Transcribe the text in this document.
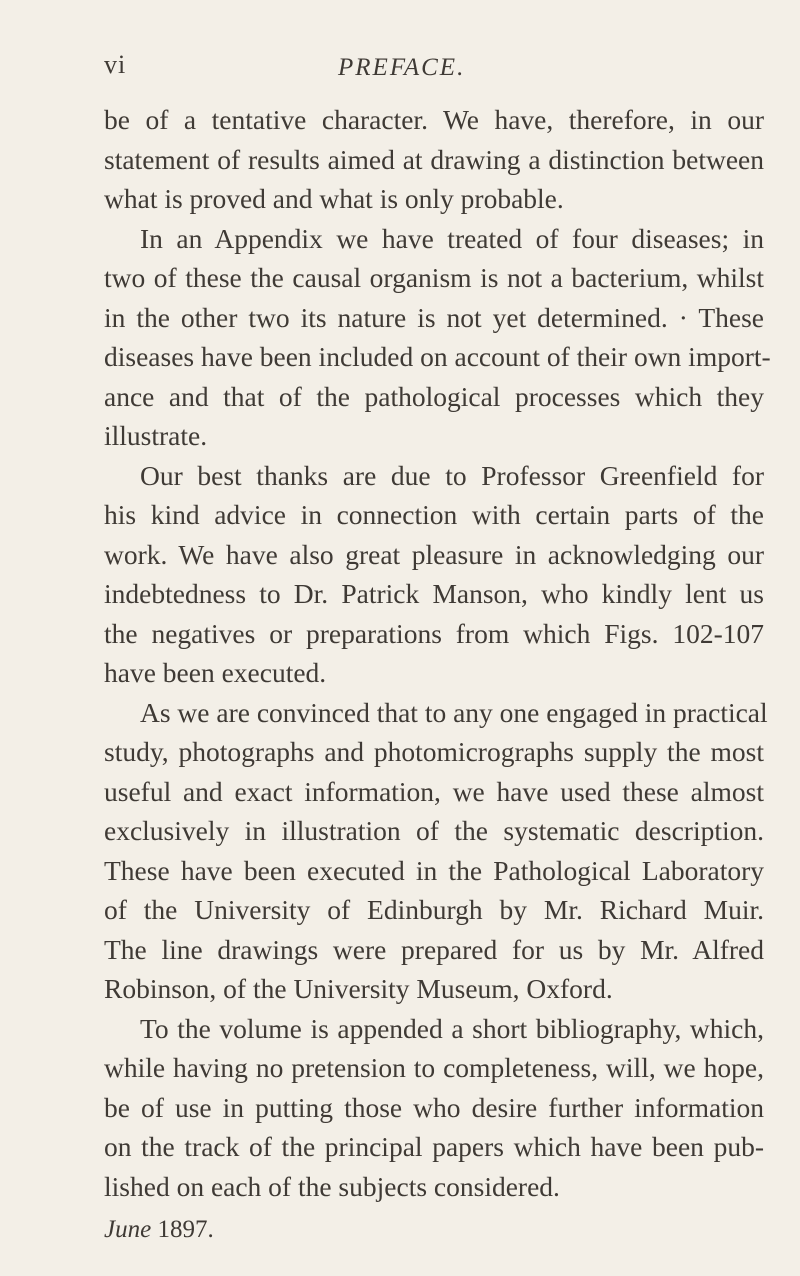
vi	PREFACE.
be of a tentative character. We have, therefore, in our
statement of results aimed at drawing a distinction between
what is proved and what is only probable.
In an Appendix we have treated of four diseases; in
two of these the causal organism is not a bacterium, whilst
in the other two its nature is not yet determined. · These
diseases have been included on account of their own import-
ance and that of the pathological processes which they
illustrate.
Our best thanks are due to Professor Greenfield for
his kind advice in connection with certain parts of the
work. We have also great pleasure in acknowledging our
indebtedness to Dr. Patrick Manson, who kindly lent us
the negatives or preparations from which Figs. 102-107
have been executed.
As we are convinced that to any one engaged in practical
study, photographs and photomicrographs supply the most
useful and exact information, we have used these almost
exclusively in illustration of the systematic description.
These have been executed in the Pathological Laboratory
of the University of Edinburgh by Mr. Richard Muir.
The line drawings were prepared for us by Mr. Alfred
Robinson, of the University Museum, Oxford.
To the volume is appended a short bibliography, which,
while having no pretension to completeness, will, we hope,
be of use in putting those who desire further information
on the track of the principal papers which have been pub-
lished on each of the subjects considered.
June 1897.
